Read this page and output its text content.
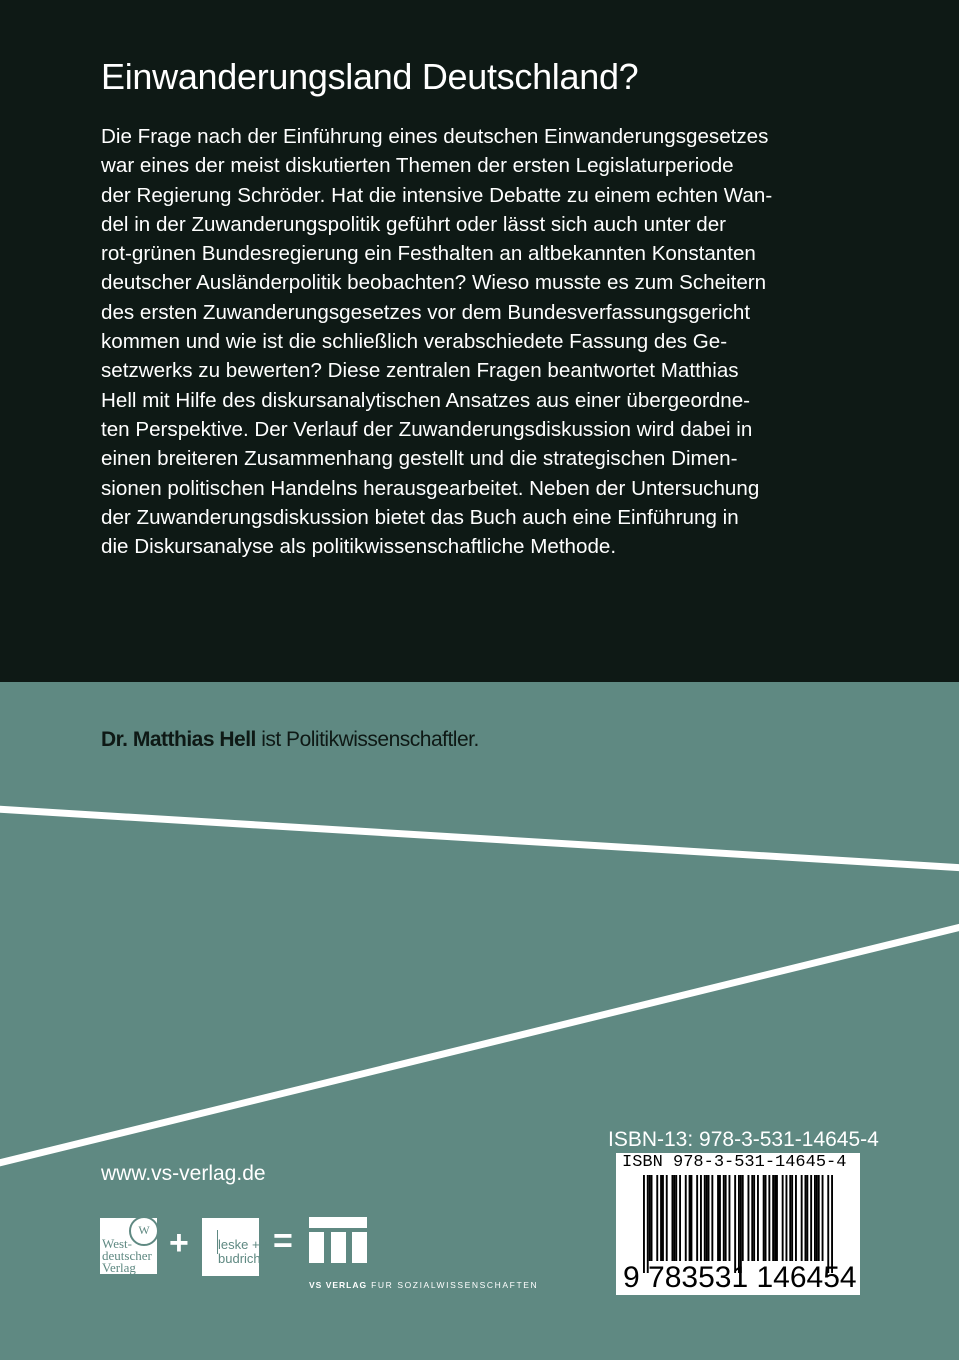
Einwanderungsland Deutschland?
Die Frage nach der Einführung eines deutschen Einwanderungsgesetzes
war eines der meist diskutierten Themen der ersten Legislaturperiode
der Regierung Schröder. Hat die intensive Debatte zu einem echten Wan-
del in der Zuwanderungspolitik geführt oder lässt sich auch unter der
rot-grünen Bundesregierung ein Festhalten an altbekannten Konstanten
deutscher Ausländerpolitik beobachten? Wieso musste es zum Scheitern
des ersten Zuwanderungsgesetzes vor dem Bundesverfassungsgericht
kommen und wie ist die schließlich verabschiedete Fassung des Ge-
setzwerks zu bewerten? Diese zentralen Fragen beantwortet Matthias
Hell mit Hilfe des diskursanalytischen Ansatzes aus einer übergeordne-
ten Perspektive. Der Verlauf der Zuwanderungsdiskussion wird dabei in
einen breiteren Zusammenhang gestellt und die strategischen Dimen-
sionen politischen Handelns herausgearbeitet. Neben der Untersuchung
der Zuwanderungsdiskussion bietet das Buch auch eine Einführung in
die Diskursanalyse als politikwissenschaftliche Methode.
Dr. Matthias Hell ist Politikwissenschaftler.
www.vs-verlag.de
W
West-
deutscher
Verlag
+ leske +
budrich =
VS VERLAG FUR SOZIALWISSENSCHAFTEN
ISBN-13: 978-3-531-14645-4
ISBN 978-3-531-14645-4
9 783531 146454
